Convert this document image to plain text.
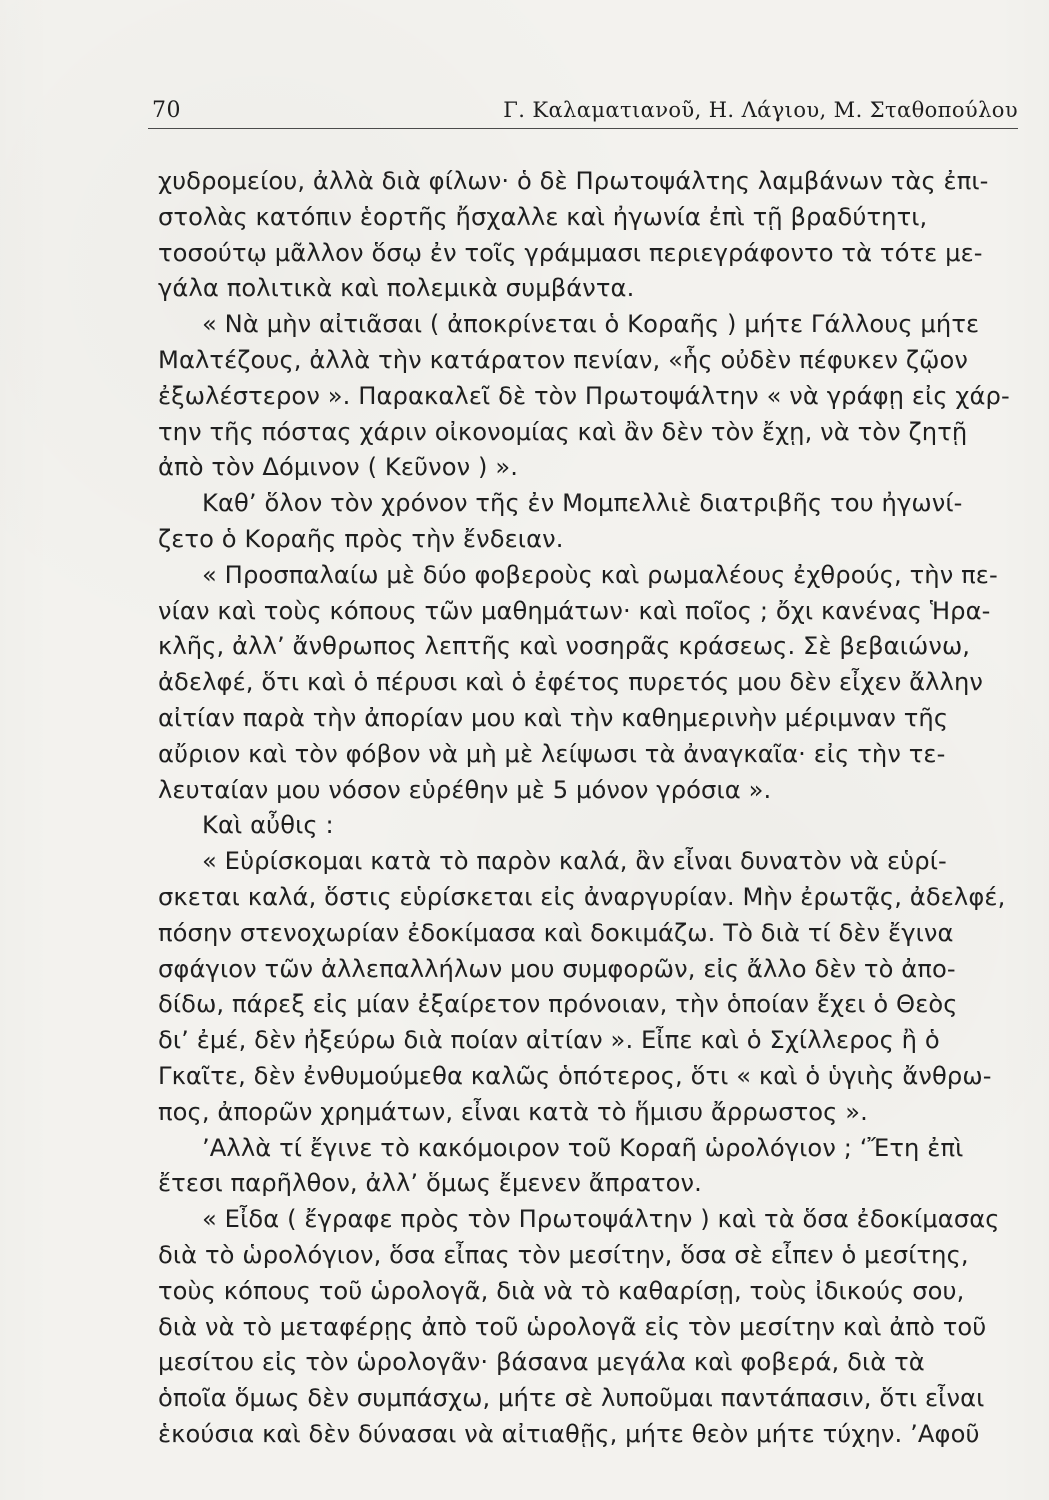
70	Γ. Καλαματιανοῦ, Η. Λάγιου, Μ. Σταθοπούλου
χυδρομείου, ἀλλὰ διὰ φίλων· ὁ δὲ Πρωτοψάλτης λαμβάνων τὰς ἐπι-
στολὰς κατόπιν ἑορτῆς ἤσχαλλε καὶ ἠγωνία ἐπὶ τῇ βραδύτητι,
τοσούτῳ μᾶλλον ὅσῳ ἐν τοῖς γράμμασι περιεγράφοντο τὰ τότε με-
γάλα πολιτικὰ καὶ πολεμικὰ συμβάντα.
« Νὰ μὴν αἰτιᾶσαι ( ἀποκρίνεται ὁ Κοραῆς ) μήτε Γάλλους μήτε
Μαλτέζους, ἀλλὰ τὴν κατάρατον πενίαν, «ἧς οὐδὲν πέφυκεν ζῷον
ἐξωλέστερον ». Παρακαλεῖ δὲ τὸν Πρωτοψάλτην « νὰ γράφῃ εἰς χάρ-
την τῆς πόστας χάριν οἰκονομίας καὶ ἂν δὲν τὸν ἔχῃ, νὰ τὸν ζητῇ
ἀπὸ τὸν Δόμινον ( Κεῦνον ) ».
Καθ’ ὅλον τὸν χρόνον τῆς ἐν Μομπελλιὲ διατριβῆς του ἠγωνί-
ζετο ὁ Κοραῆς πρὸς τὴν ἔνδειαν.
« Προσπαλαίω μὲ δύο φοβεροὺς καὶ ρωμαλέους ἐχθρούς, τὴν πε-
νίαν καὶ τοὺς κόπους τῶν μαθημάτων· καὶ ποῖος ; ὄχι κανένας Ἡρα-
κλῆς, ἀλλ’ ἄνθρωπος λεπτῆς καὶ νοσηρᾶς κράσεως. Σὲ βεβαιώνω,
ἀδελφέ, ὅτι καὶ ὁ πέρυσι καὶ ὁ ἐφέτος πυρετός μου δὲν εἶχεν ἄλλην
αἰτίαν παρὰ τὴν ἀπορίαν μου καὶ τὴν καθημερινὴν μέριμναν τῆς
αὔριον καὶ τὸν φόβον νὰ μὴ μὲ λείψωσι τὰ ἀναγκαῖα· εἰς τὴν τε-
λευταίαν μου νόσον εὑρέθην μὲ 5 μόνον γρόσια ».
Καὶ αὖθις :
« Εὑρίσκομαι κατὰ τὸ παρὸν καλά, ἂν εἶναι δυνατὸν νὰ εὑρί-
σκεται καλά, ὅστις εὑρίσκεται εἰς ἀναργυρίαν. Μὴν ἐρωτᾷς, ἀδελφέ,
πόσην στενοχωρίαν ἐδοκίμασα καὶ δοκιμάζω. Τὸ διὰ τί δὲν ἔγινα
σφάγιον τῶν ἀλλεπαλλήλων μου συμφορῶν, εἰς ἄλλο δὲν τὸ ἀπο-
δίδω, πάρεξ εἰς μίαν ἐξαίρετον πρόνοιαν, τὴν ὁποίαν ἔχει ὁ Θεὸς
δι’ ἐμέ, δὲν ἠξεύρω διὰ ποίαν αἰτίαν ». Εἶπε καὶ ὁ Σχίλλερος ἢ ὁ
Γκαῖτε, δὲν ἐνθυμούμεθα καλῶς ὁπότερος, ὅτι « καὶ ὁ ὑγιὴς ἄνθρω-
πος, ἀπορῶν χρημάτων, εἶναι κατὰ τὸ ἥμισυ ἄρρωστος ».
’Αλλὰ τί ἔγινε τὸ κακόμοιρον τοῦ Κοραῆ ὡρολόγιον ; ‘Ἔτη ἐπὶ
ἔτεσι παρῆλθον, ἀλλ’ ὅμως ἔμενεν ἄπρατον.
« Εἶδα ( ἔγραφε πρὸς τὸν Πρωτοψάλτην ) καὶ τὰ ὅσα ἐδοκίμασας
διὰ τὸ ὡρολόγιον, ὅσα εἶπας τὸν μεσίτην, ὅσα σὲ εἶπεν ὁ μεσίτης,
τοὺς κόπους τοῦ ὡρολογᾶ, διὰ νὰ τὸ καθαρίσῃ, τοὺς ἰδικούς σου,
διὰ νὰ τὸ μεταφέρῃς ἀπὸ τοῦ ὡρολογᾶ εἰς τὸν μεσίτην καὶ ἀπὸ τοῦ
μεσίτου εἰς τὸν ὡρολογᾶν· βάσανα μεγάλα καὶ φοβερά, διὰ τὰ
ὁποῖα ὅμως δὲν συμπάσχω, μήτε σὲ λυποῦμαι παντάπασιν, ὅτι εἶναι
ἑκούσια καὶ δὲν δύνασαι νὰ αἰτιαθῇς, μήτε θεὸν μήτε τύχην. ’Αφοῦ
